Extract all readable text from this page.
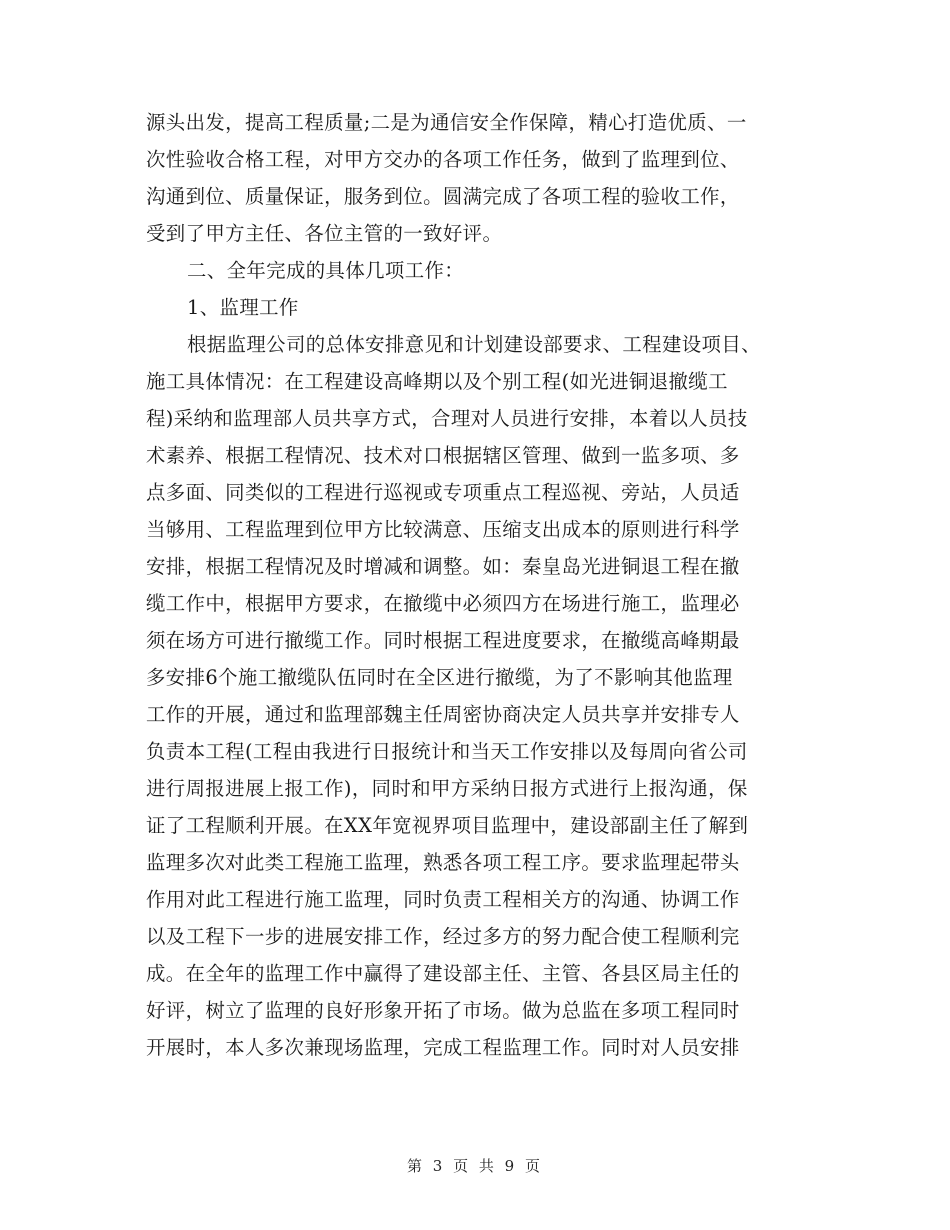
源头出发，提高工程质量;二是为通信安全作保障，精心打造优质、一
次性验收合格工程，对甲方交办的各项工作任务，做到了监理到位、
沟通到位、质量保证，服务到位。圆满完成了各项工程的验收工作，
受到了甲方主任、各位主管的一致好评。
二、全年完成的具体几项工作：
1、监理工作
根据监理公司的总体安排意见和计划建设部要求、工程建设项目、
施工具体情况：在工程建设高峰期以及个别工程(如光进铜退撤缆工
程)采纳和监理部人员共享方式，合理对人员进行安排，本着以人员技
术素养、根据工程情况、技术对口根据辖区管理、做到一监多项、多
点多面、同类似的工程进行巡视或专项重点工程巡视、旁站，人员适
当够用、工程监理到位甲方比较满意、压缩支出成本的原则进行科学
安排，根据工程情况及时增减和调整。如：秦皇岛光进铜退工程在撤
缆工作中，根据甲方要求，在撤缆中必须四方在场进行施工，监理必
须在场方可进行撤缆工作。同时根据工程进度要求，在撤缆高峰期最
多安排6个施工撤缆队伍同时在全区进行撤缆，为了不影响其他监理
工作的开展，通过和监理部魏主任周密协商决定人员共享并安排专人
负责本工程(工程由我进行日报统计和当天工作安排以及每周向省公司
进行周报进展上报工作)，同时和甲方采纳日报方式进行上报沟通，保
证了工程顺利开展。在XX年宽视界项目监理中，建设部副主任了解到
监理多次对此类工程施工监理，熟悉各项工程工序。要求监理起带头
作用对此工程进行施工监理，同时负责工程相关方的沟通、协调工作
以及工程下一步的进展安排工作，经过多方的努力配合使工程顺利完
成。在全年的监理工作中赢得了建设部主任、主管、各县区局主任的
好评，树立了监理的良好形象开拓了市场。做为总监在多项工程同时
开展时，本人多次兼现场监理，完成工程监理工作。同时对人员安排
第 3 页 共 9 页
